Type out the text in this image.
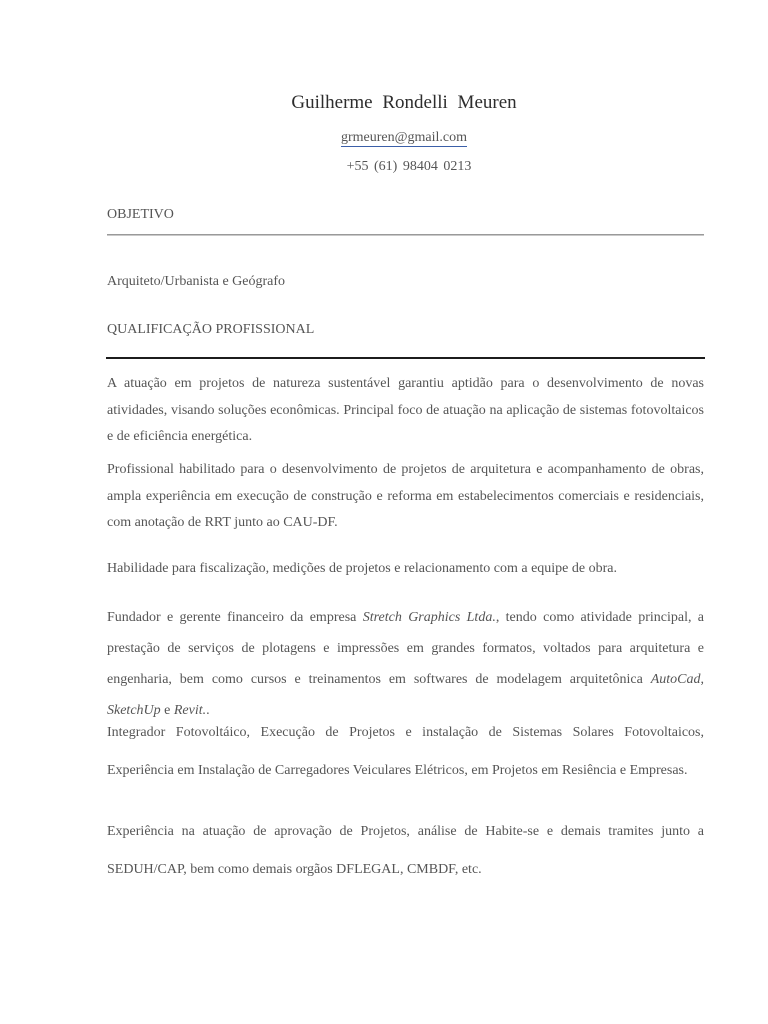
Guilherme Rondelli Meuren
grmeuren@gmail.com
+55 (61) 98404 0213
OBJETIVO
Arquiteto/Urbanista e Geógrafo
QUALIFICAÇÃO PROFISSIONAL
A atuação em projetos de natureza sustentável garantiu aptidão para o desenvolvimento de novas atividades, visando soluções econômicas. Principal foco de atuação na aplicação de sistemas fotovoltaicos e de eficiência energética.
Profissional habilitado para o desenvolvimento de projetos de arquitetura e acompanhamento de obras, ampla experiência em execução de construção e reforma em estabelecimentos comerciais e residenciais, com anotação de RRT junto ao CAU-DF.
Habilidade para fiscalização, medições de projetos e relacionamento com a equipe de obra.
Fundador e gerente financeiro da empresa Stretch Graphics Ltda., tendo como atividade principal, a prestação de serviços de plotagens e impressões em grandes formatos, voltados para arquitetura e engenharia, bem como cursos e treinamentos em softwares de modelagem arquitetônica AutoCad, SketchUp e Revit..
Integrador Fotovoltáico, Execução de Projetos e instalação de Sistemas Solares Fotovoltaicos, Experiência em Instalação de Carregadores Veiculares Elétricos, em Projetos em Resiência e Empresas.
Experiência na atuação de aprovação de Projetos, análise de Habite-se e demais tramites junto a SEDUH/CAP, bem como demais orgãos DFLEGAL, CMBDF, etc.
